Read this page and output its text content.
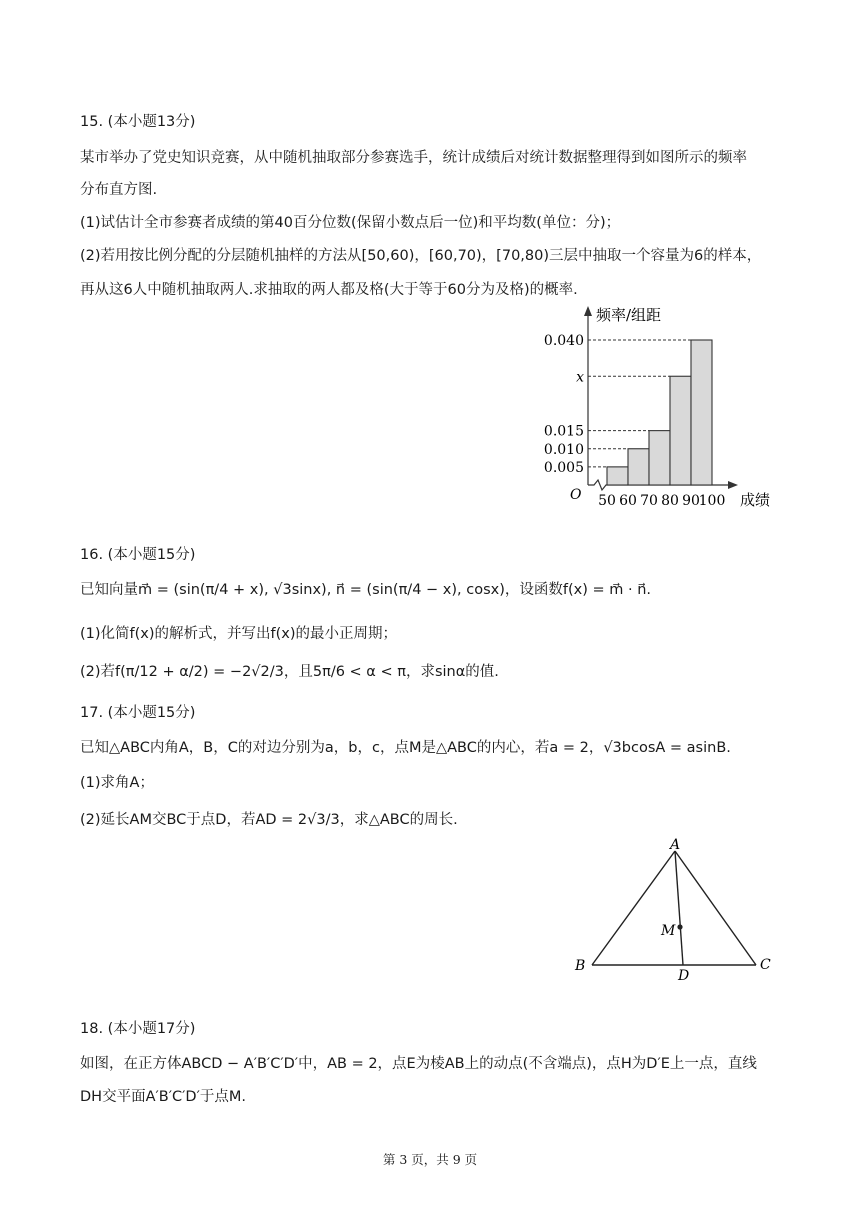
15. (本小题13分)
某市举办了党史知识竞赛，从中随机抽取部分参赛选手，统计成绩后对统计数据整理得到如图所示的频率
分布直方图.
(1)试估计全市参赛者成绩的第40百分位数(保留小数点后一位)和平均数(单位：分)；
(2)若用按比例分配的分层随机抽样的方法从[50,60)，[60,70)，[70,80)三层中抽取一个容量为6的样本，
再从这6人中随机抽取两人.求抽取的两人都及格(大于等于60分为及格)的概率.
0.005
0.010
0.015
x
0.040
50 60 70 80 90
100
O
频率/组距
成绩
16. (本小题15分)
已知向量m⃗ = (sin(π/4 + x), √3sinx), n⃗ = (sin(π/4 − x), cosx)，设函数f(x) = m⃗ · n⃗.
(1)化简f(x)的解析式，并写出f(x)的最小正周期；
(2)若f(π/12 + α/2) = −2√2/3，且5π/6 < α < π，求sinα的值.
17. (本小题15分)
已知△ABC内角A，B，C的对边分别为a，b，c，点M是△ABC的内心，若a = 2，√3bcosA = asinB.
(1)求角A；
(2)延长AM交BC于点D，若AD = 2√3/3，求△ABC的周长.
A
B	C
M
D
18. (本小题17分)
如图，在正方体ABCD − A′B′C′D′中，AB = 2，点E为棱AB上的动点(不含端点)，点H为D′E上一点，直线
DH交平面A′B′C′D′于点M.
第 3 页，共 9 页
